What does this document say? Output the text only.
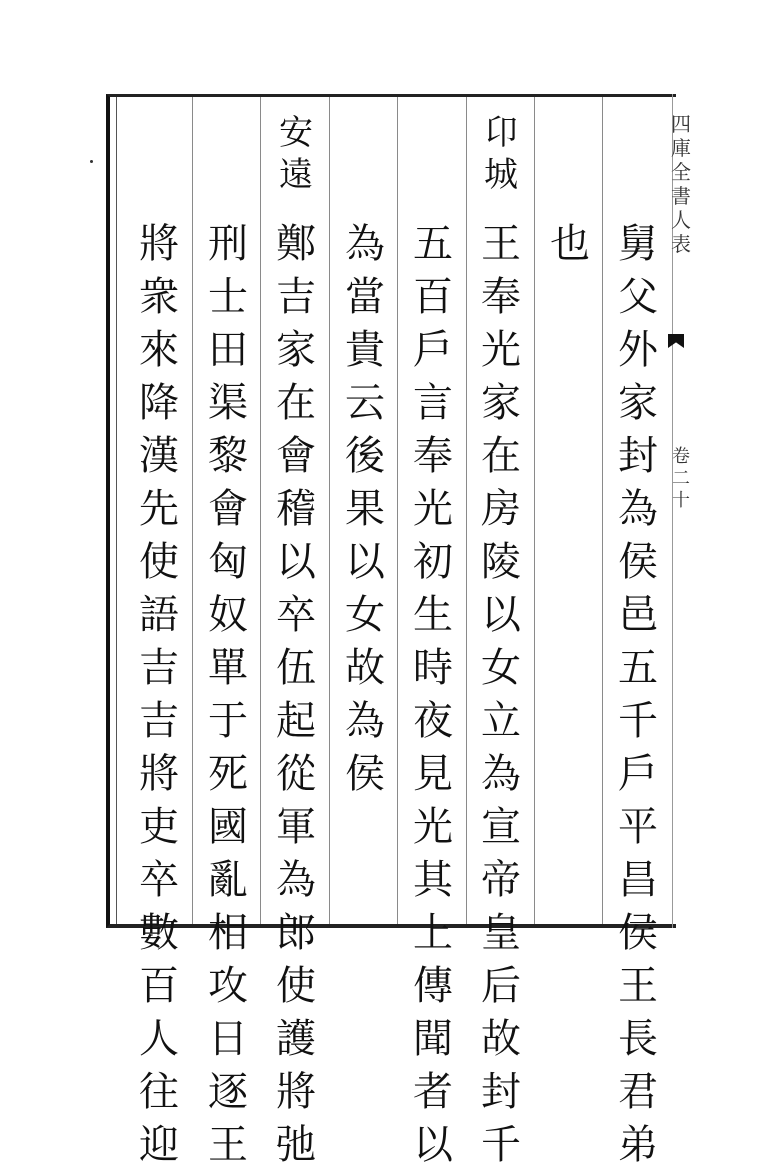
四
庫
全
書
人
表
卷
二
十
舅
父
外
家
封
為
侯
邑
五
千
戶
平
昌
侯
王
長
君
弟
也
卬
城
王
奉
光
家
在
房
陵
以
女
立
為
宣
帝
皇
后
故
封
千
五
百
戶
言
奉
光
初
生
時
夜
見
光
其
上
傳
聞
者
以
為
當
貴
云
後
果
以
女
故
為
侯
安
遠
鄭
吉
家
在
會
稽
以
卒
伍
起
從
軍
為
郎
使
護
將
弛
刑
士
田
渠
黎
會
匈
奴
單
于
死
國
亂
相
攻
日
逐
王
將
衆
來
降
漢
先
使
語
吉
吉
將
吏
卒
數
百
人
往
迎
